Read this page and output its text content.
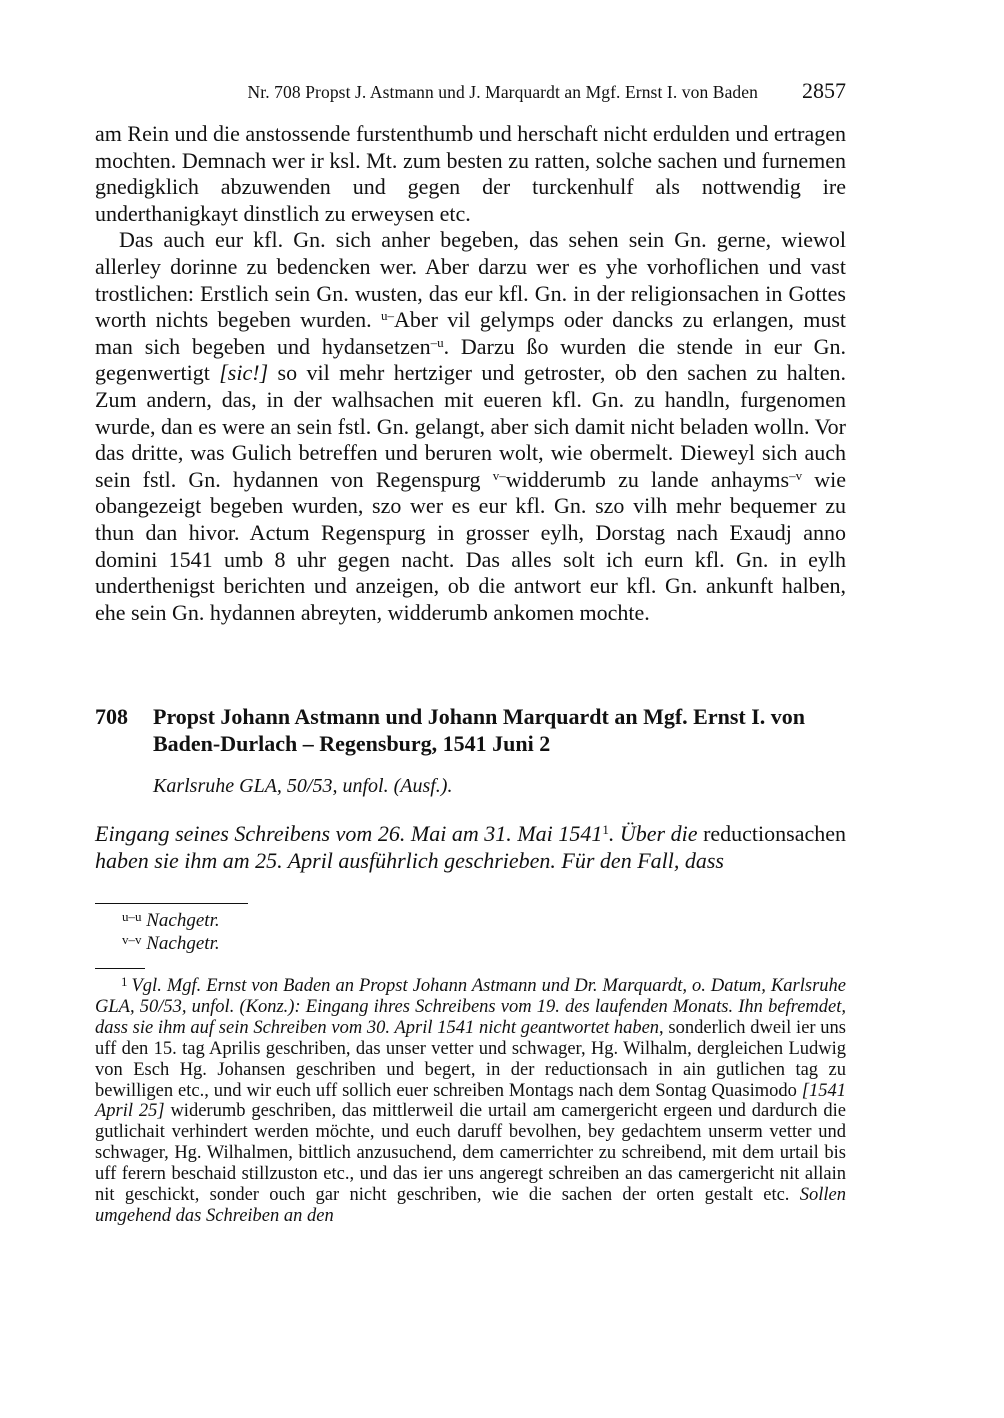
Nr. 708 Propst J. Astmann und J. Marquardt an Mgf. Ernst I. von Baden 2857

am Rein und die anstossende furstenthumb und herschaft nicht erdulden und ertragen mochten. Demnach wer ir ksl. Mt. zum besten zu ratten, solche sachen und furnemen gnedigklich abzuwenden und gegen der turckenhulf als nottwendig ire underthanigkayt dinstlich zu erweysen etc.

Das auch eur kfl. Gn. sich anher begeben, das sehen sein Gn. gerne, wiewol allerley dorinne zu bedencken wer. Aber darzu wer es yhe vorhoflichen und vast trostlichen: Erstlich sein Gn. wusten, das eur kfl. Gn. in der religionsachen in Gottes worth nichts begeben wurden. $^{u-}$Aber vil gelymps oder dancks zu erlangen, must man sich begeben und hydansetzen$^{-u}$. Darzu ßo wurden die stende in eur Gn. gegenwertigt [sic!] so vil mehr hertziger und getroster, ob den sachen zu halten. Zum andern, das, in der walhsachen mit eueren kfl. Gn. zu handln, furgenomen wurde, dan es were an sein fstl. Gn. gelangt, aber sich damit nicht beladen wolln. Vor das dritte, was Gulich betreffen und beruren wolt, wie obermelt. Dieweyl sich auch sein fstl. Gn. hydannen von Regenspurg $^{v-}$widderumb zu lande anhayms$^{-v}$ wie obangezeigt begeben wurden, szo wer es eur kfl. Gn. szo vilh mehr bequemer zu thun dan hivor. Actum Regenspurg in grosser eylh, Dorstag nach Exaudj anno domini 1541 umb 8 uhr gegen nacht. Das alles solt ich eurn kfl. Gn. in eylh underthenigst berichten und anzeigen, ob die antwort eur kfl. Gn. ankunft halben, ehe sein Gn. hydannen abreyten, widderumb ankomen mochte.

708 Propst Johann Astmann und Johann Marquardt an Mgf. Ernst I. von Baden-Durlach – Regensburg, 1541 Juni 2
Karlsruhe GLA, 50/53, unfol. (Ausf.).
Eingang seines Schreibens vom 26. Mai am 31. Mai 1541$^1$. Über die reductionsachen haben sie ihm am 25. April ausführlich geschrieben. Für den Fall, dass
$^{u-u}$ Nachgetr.
$^{v-v}$ Nachgetr.
$^1$ Vgl. Mgf. Ernst von Baden an Propst Johann Astmann und Dr. Marquardt, o. Datum, Karlsruhe GLA, 50/53, unfol. (Konz.): Eingang ihres Schreibens vom 19. des laufenden Monats. Ihn befremdet, dass sie ihm auf sein Schreiben vom 30. April 1541 nicht geantwortet haben, sonderlich dweil ier uns uff den 15. tag Aprilis geschriben, das unser vetter und schwager, Hg. Wilhalm, dergleichen Ludwig von Esch Hg. Johansen geschriben und begert, in der reductionsach in ain gutlichen tag zu bewilligen etc., und wir euch uff sollich euer schreiben Montags nach dem Sontag Quasimodo [1541 April 25] widerumb geschriben, das mittlerweil die urtail am camergericht ergeen und dardurch die gutlichait verhindert werden möchte, und euch daruff bevolhen, bey gedachtem unserm vetter und schwager, Hg. Wilhalmen, bittlich anzusuchend, dem camerrichter zu schreibend, mit dem urtail bis uff ferern beschaid stillzuston etc., und das ier uns angeregt schreiben an das camergericht nit allain nit geschickt, sonder ouch gar nicht geschriben, wie die sachen der orten gestalt etc. Sollen umgehend das Schreiben an den
